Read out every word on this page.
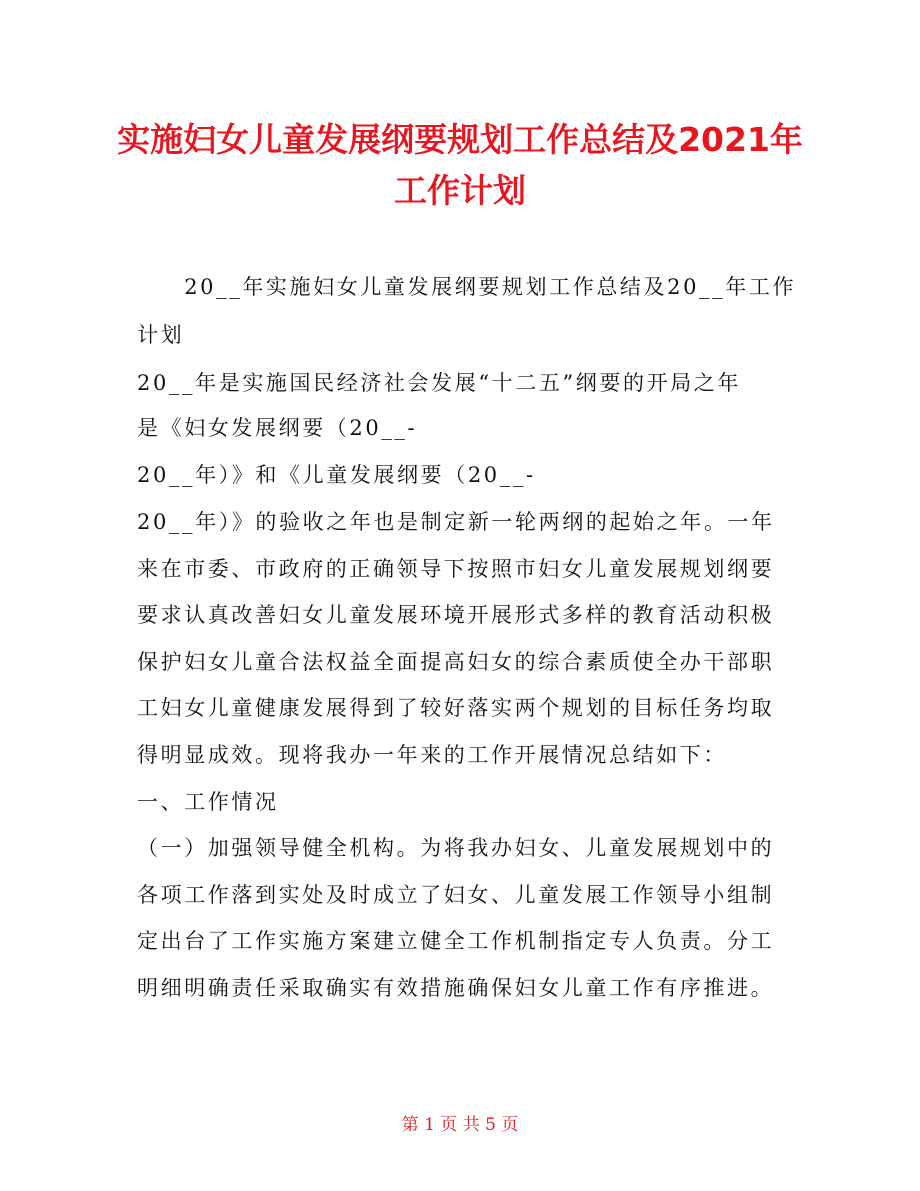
实施妇女儿童发展纲要规划工作总结及2021年
工作计划
　　20__年实施妇女儿童发展纲要规划工作总结及20__年工作
计划
20__年是实施国民经济社会发展“十二五”纲要的开局之年
是《妇女发展纲要（20__-
20__年）》和《儿童发展纲要（20__-
20__年）》的验收之年也是制定新一轮两纲的起始之年。一年
来在市委、市政府的正确领导下按照市妇女儿童发展规划纲要
要求认真改善妇女儿童发展环境开展形式多样的教育活动积极
保护妇女儿童合法权益全面提高妇女的综合素质使全办干部职
工妇女儿童健康发展得到了较好落实两个规划的目标任务均取
得明显成效。现将我办一年来的工作开展情况总结如下：
一、工作情况
（一）加强领导健全机构。为将我办妇女、儿童发展规划中的
各项工作落到实处及时成立了妇女、儿童发展工作领导小组制
定出台了工作实施方案建立健全工作机制指定专人负责。分工
明细明确责任采取确实有效措施确保妇女儿童工作有序推进。
第 1 页 共 5 页
